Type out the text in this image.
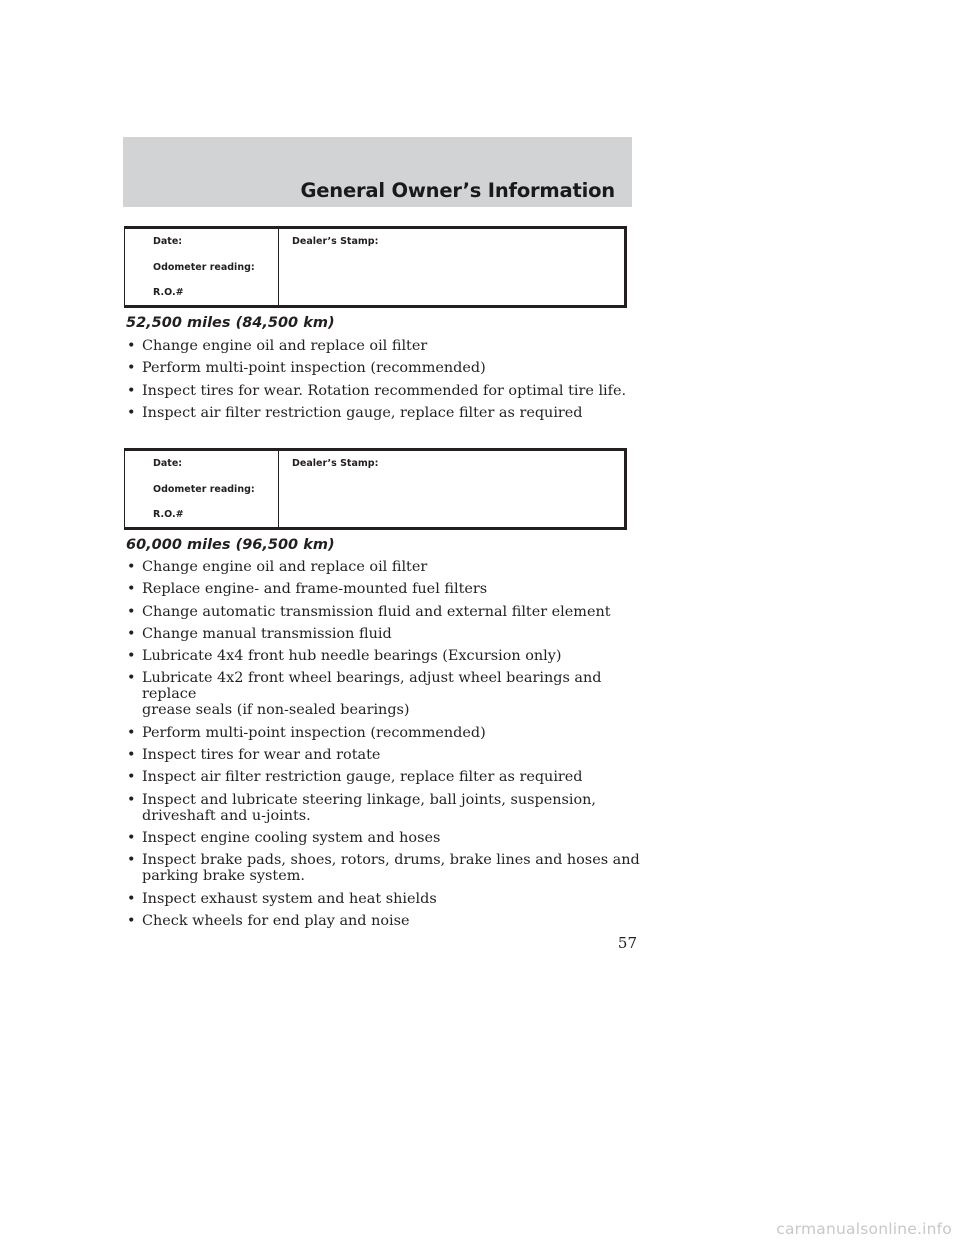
General Owner’s Information
Date:
Odometer reading:
R.O.#
Dealer’s Stamp:
52,500 miles (84,500 km)
• Change engine oil and replace oil filter
• Perform multi-point inspection (recommended)
• Inspect tires for wear. Rotation recommended for optimal tire life.
• Inspect air filter restriction gauge, replace filter as required
Date:
Odometer reading:
R.O.#
Dealer’s Stamp:
60,000 miles (96,500 km)
• Change engine oil and replace oil filter
• Replace engine- and frame-mounted fuel filters
• Change automatic transmission fluid and external filter element
• Change manual transmission fluid
• Lubricate 4x4 front hub needle bearings (Excursion only)
• Lubricate 4x2 front wheel bearings, adjust wheel bearings and replace
grease seals (if non-sealed bearings)
• Perform multi-point inspection (recommended)
• Inspect tires for wear and rotate
• Inspect air filter restriction gauge, replace filter as required
• Inspect and lubricate steering linkage, ball joints, suspension,
driveshaft and u-joints.
• Inspect engine cooling system and hoses
• Inspect brake pads, shoes, rotors, drums, brake lines and hoses and
parking brake system.
• Inspect exhaust system and heat shields
• Check wheels for end play and noise
57
carmanualsonline.info
